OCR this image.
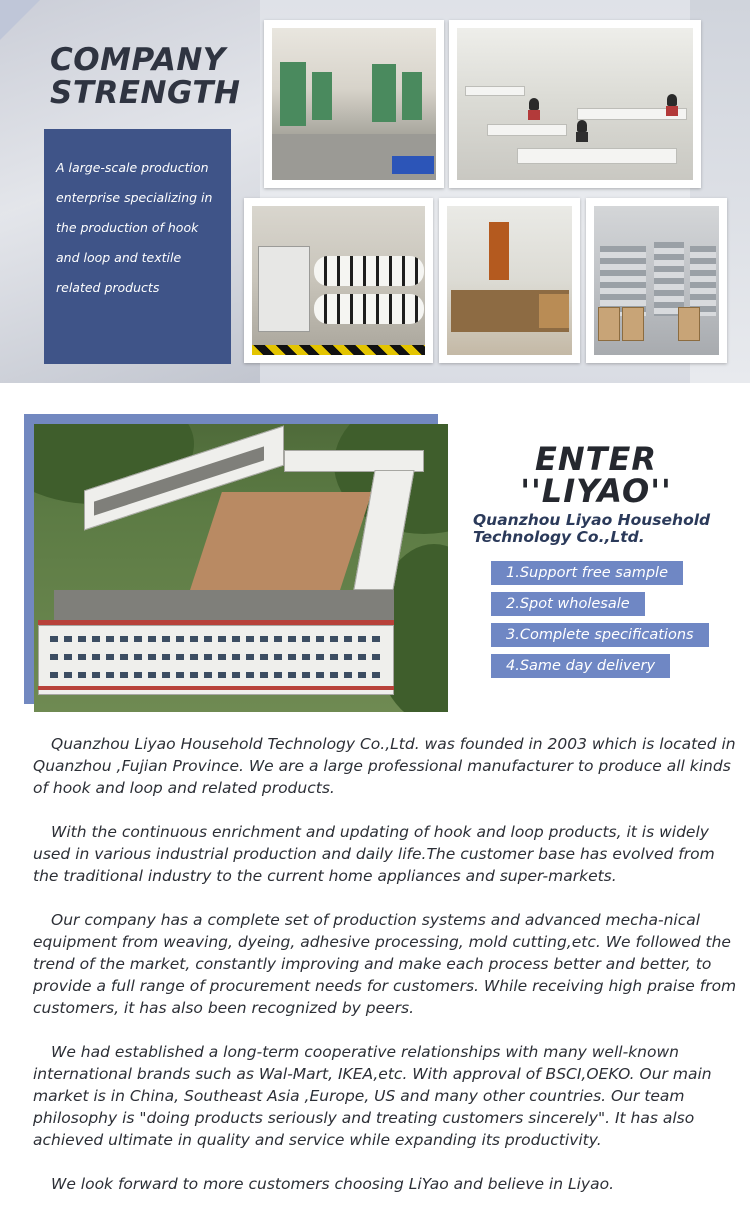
COMPANY
STRENGTH

A large-scale production enterprise specializing in the production of hook and loop and textile related products

ENTER
''LIYAO''
Quanzhou Liyao Household Technology Co.,Ltd.
1.Support free sample
2.Spot wholesale
3.Complete specifications
4.Same day delivery

Quanzhou Liyao Household Technology Co.,Ltd. was founded in 2003 which is located in Quanzhou ,Fujian Province. We are a large professional manufacturer to produce all kinds of hook and loop and related products.

With the continuous enrichment and updating of hook and loop products, it is widely used in various industrial production and daily life.The customer base has evolved from the traditional industry to the current home appliances and super-markets.

Our company has a complete set of production systems and advanced mecha-nical equipment from weaving, dyeing, adhesive processing, mold cutting,etc. We followed the trend of the market, constantly improving and make each process better and better, to provide a full range of procurement needs for customers. While receiving high praise from customers, it has also been recognized by peers.

We had established a long-term cooperative relationships with many well-known international brands such as Wal-Mart, IKEA,etc. With approval of BSCI,OEKO. Our main market is in China, Southeast Asia ,Europe, US and many other countries. Our team philosophy is "doing products seriously and treating customers sincerely". It has also achieved ultimate in quality and service while expanding its productivity.

We look forward to more customers choosing LiYao and believe in Liyao.
